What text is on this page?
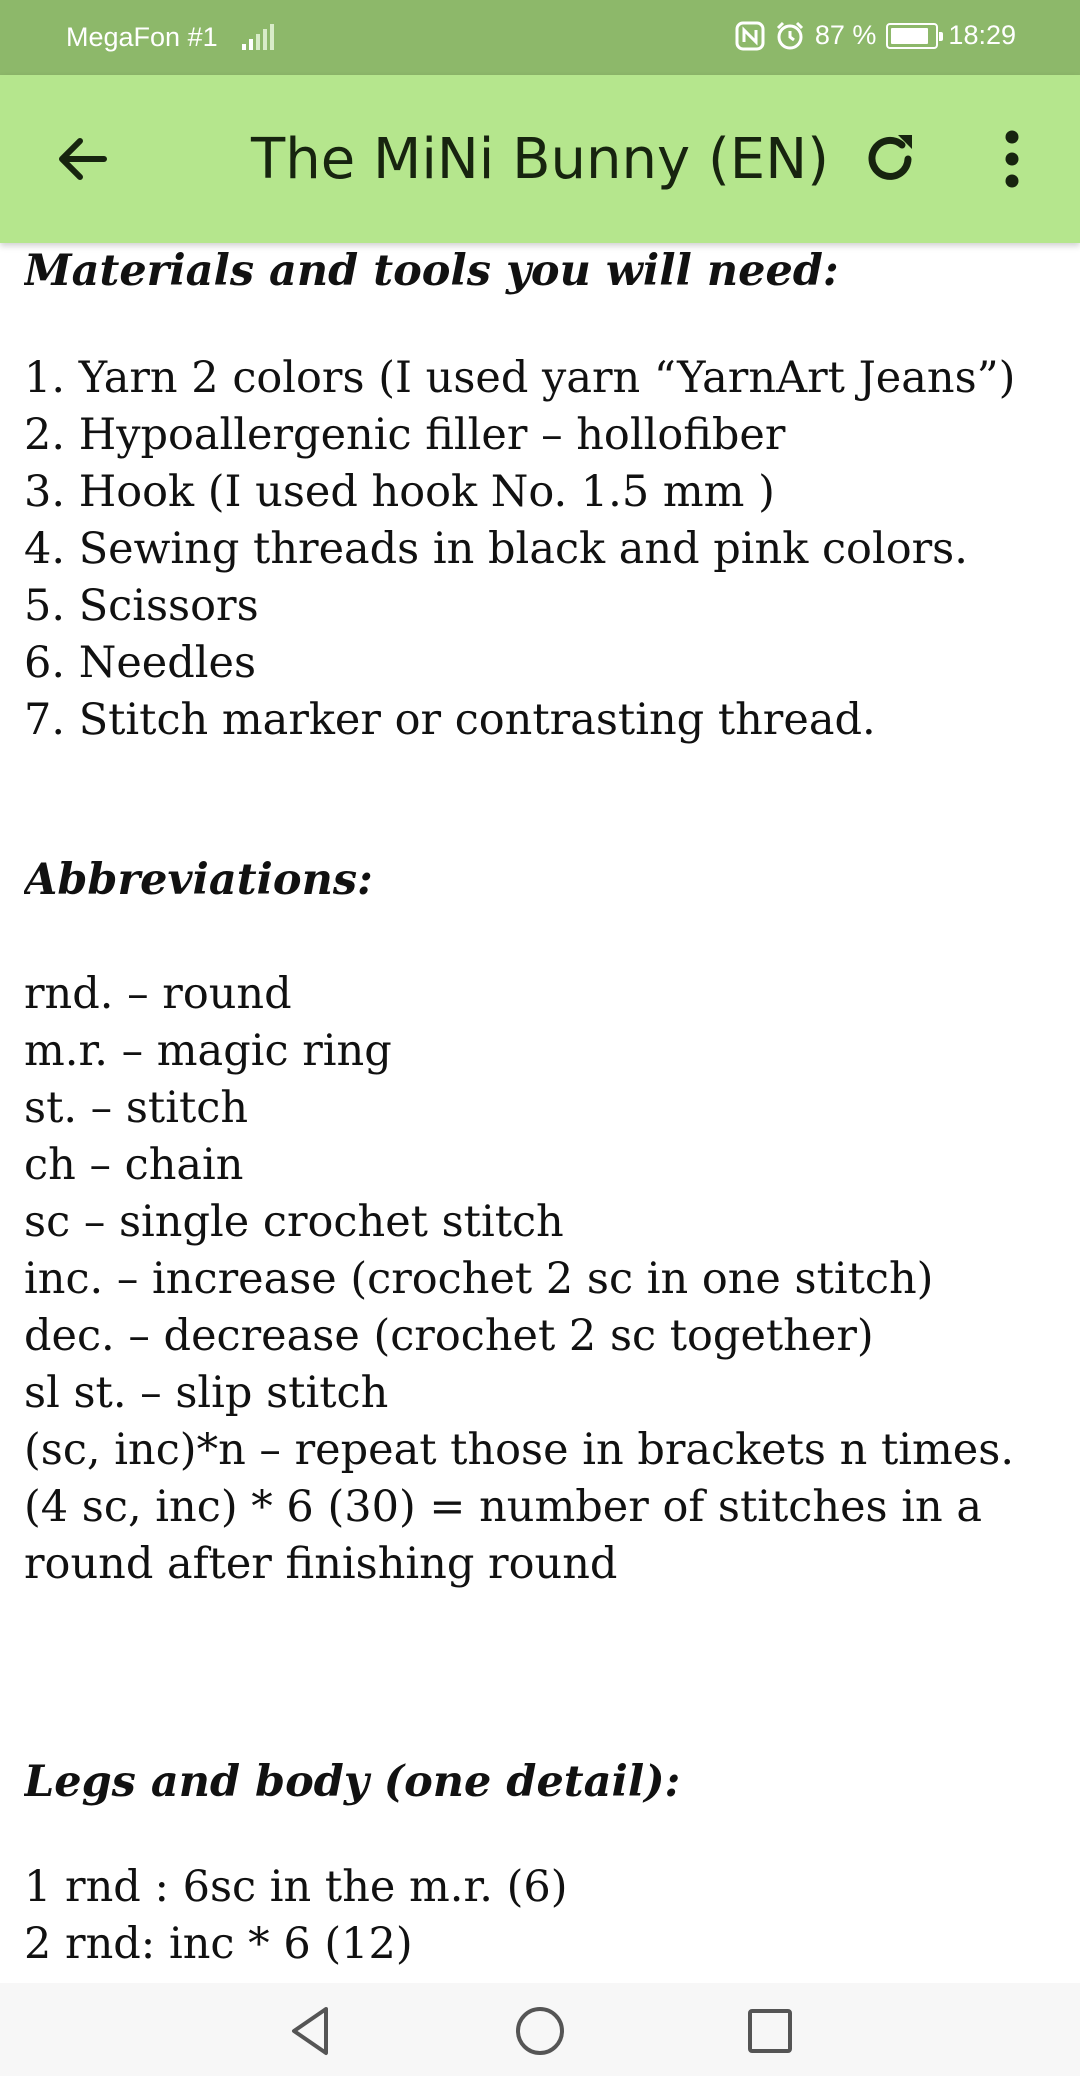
MegaFon #1	87 %	18:29
The MiNi Bunny (EN)
Materials and tools you will need:
1. Yarn 2 colors (I used yarn “YarnArt Jeans”)
2. Hypoallergenic filler – hollofiber
3. Hook (I used hook No. 1.5 mm )
4. Sewing threads in black and pink colors.
5. Scissors
6. Needles
7. Stitch marker or contrasting thread.
Abbreviations:
rnd. – round
m.r. – magic ring
st. – stitch
ch – chain
sc – single crochet stitch
inc. – increase (crochet 2 sc in one stitch)
dec. – decrease (crochet 2 sc together)
sl st. – slip stitch
(sc, inc)*n – repeat those in brackets n times.
(4 sc, inc) * 6 (30) = number of stitches in a
round after finishing round
Legs and body (one detail):
1 rnd : 6sc in the m.r. (6)
2 rnd: inc * 6 (12)
